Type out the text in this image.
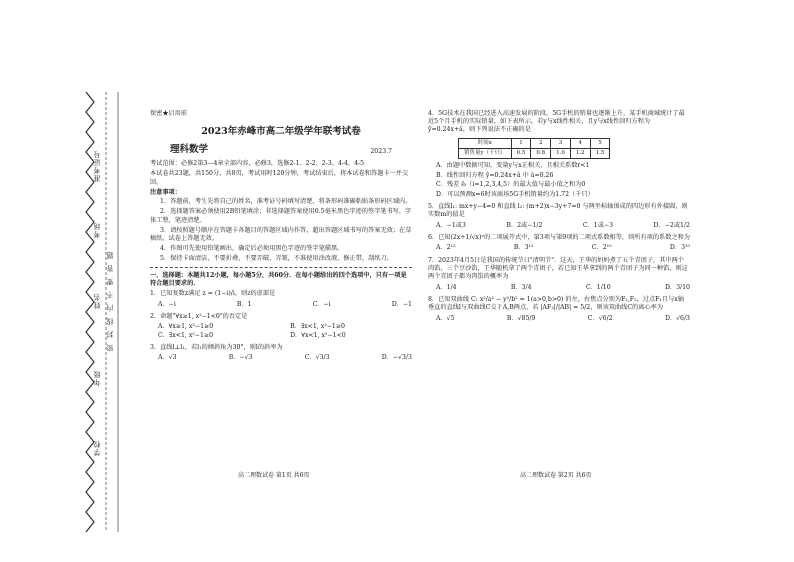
准考证号
考场
姓名
年级
学校
密 封 线 内 不 要 答 题
保密★启用前
2023年赤峰市高二年级学年联考试卷
理科数学	2023.7
考试范围：必修2第3—4章全部内容，必修3，选修2-1、2-2、2-3、4-4、4-5
本试卷共23题，共150分，共8页，考试用时120分钟，考试结束后，将本试卷和答题卡一并交回。
注意事项：
1．答题前，考生先将自己的姓名，准考证号码填写清楚，将条形码准确粘贴条形码区域内。
2．选择题答案必须使用2B铅笔填涂；非选择题答案使用0.5毫米黑色字迹的签字笔书写，字体工整，笔迹清楚。
3．请按照题号顺序在答题卡各题目的答题区域内作答，超出答题区域书写的答案无效；在草稿纸、试卷上答题无效。
4．作图可先使用铅笔画出，确定后必须用黑色字迹的签字笔描黑。
5．保持卡面清洁，不要折叠，不要弄破，弄皱，不准使用涂改液、修正带、刮纸刀。
一、选择题：本题共12小题，每小题5分，共60分．在每小题给出的四个选项中，只有一项是符合题目要求的．
1．已知复数z满足 z = (1−i)/i，则z的虚部是
A．−i	B．1	C．−i	D．−1
2．命题"∀x≥1, x²−1<0"的否定是
A．∀x≥1, x²−1≥0	B．∃x<1, x²−1≥0
C．∃x<1, x²−1≥0	D．∀x<1, x²−1<0
3．直线l⊥l₁，若l₁的倾斜角为30°，则l的斜率为
A．√3	B．−√3	C．√3/3	D．−√3/3
高二理数试卷 第1页 共6页
4．5G技术在我国已经进入高速发展的阶段，5G手机的销量也逐渐上升，某手机商城统计了最近5个月手机的实际销量，如下表所示，若y与x线性相关，且y与x线性回归方程为 ŷ=0.24x+â，则下列说法不正确的是
时间x	1	2	3	4	5
销售量y（千只）	0.5	0.8	1.0	1.2	1.5
A．由题中数据可知，变量y与x正相关，且相关系数r<1
B．线性回归方程 ŷ=0.24x+â 中 â=0.26
C．残差 êᵢ（i=1,2,3,4,5）的最大值与最小值之和为0
D．可以预测x=6时该商场5G手机销量约为1.72（千只）
5．直线l₁: mx+y−4=0 和直线 l₂: (m+2)x−3y+7=0 与两坐标轴围成的四边形有外接圆，则实数m的值是
A．−1或3	B．2或−1/2	C．1或−3	D．−2或1/2
6．已知(2x+1/√x)ⁿ的二项展开式中，第3项与第9项的二项式系数相等，则所有项的系数之和为
A．2¹²	B．3¹²	C．2¹⁰	D．3¹⁰
7．2023年4月5日是我国的传统节日"清明节"．这天，王华的妈妈煮了五个青团子，其中两个肉馅，三个豆沙馅，王华随机拿了两个青团子，若已知王华拿到的两个青团子为同一种馅，则这两个青团子都为肉馅的概率为
A．1/4	B．3/4	C．1/10	D．3/10
8．已知双曲线 C: x²/a² − y²/b² = 1(a>0,b>0) 的左，右焦点分别为F₁,F₂，过点F₁且与x轴垂直的直线l与双曲线C交于A,B两点，若 |AF₂|/|AB| = 5/2，则该双曲线C的离心率为
A．√5	B．√85/9	C．√6/2	D．√6/3
高二理数试卷 第2页 共6页
